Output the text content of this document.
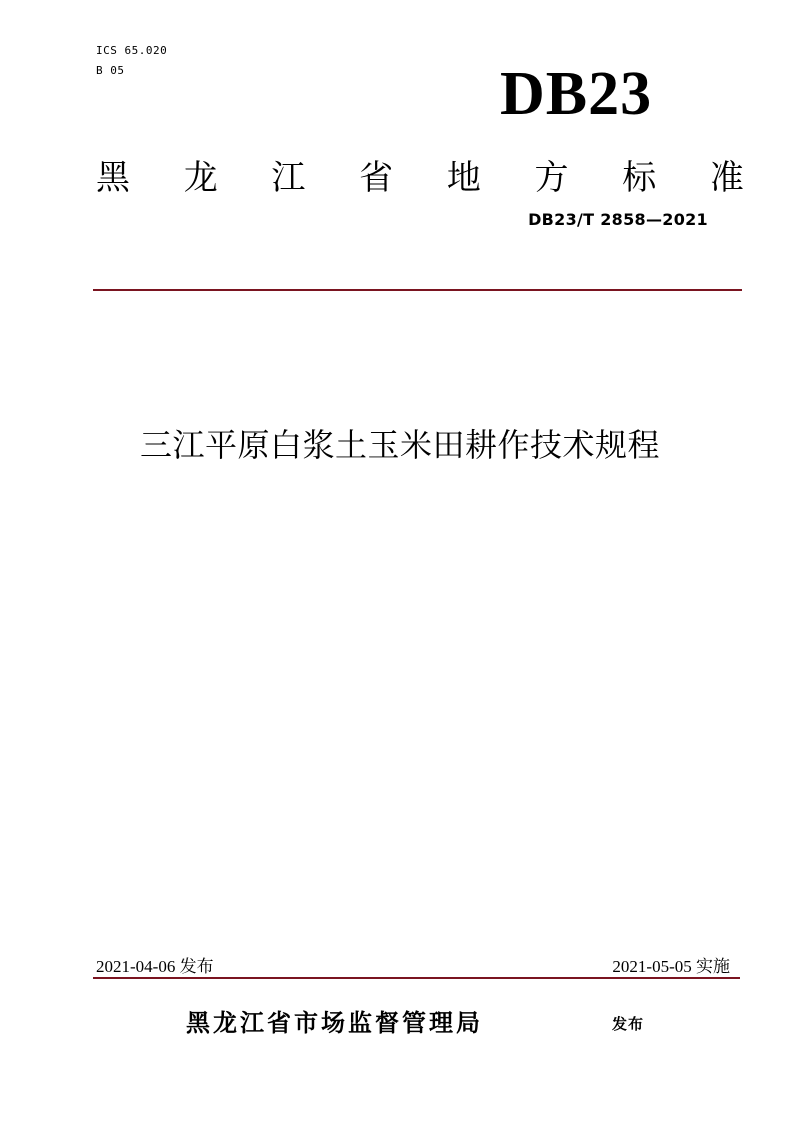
ICS 65.020
B 05	DB23
黑 龙 江 省 地 方 标 准
DB23/T 2858—2021
三江平原白浆土玉米田耕作技术规程
2021-04-06 发布	2021-05-05 实施
黑龙江省市场监督管理局	发布
